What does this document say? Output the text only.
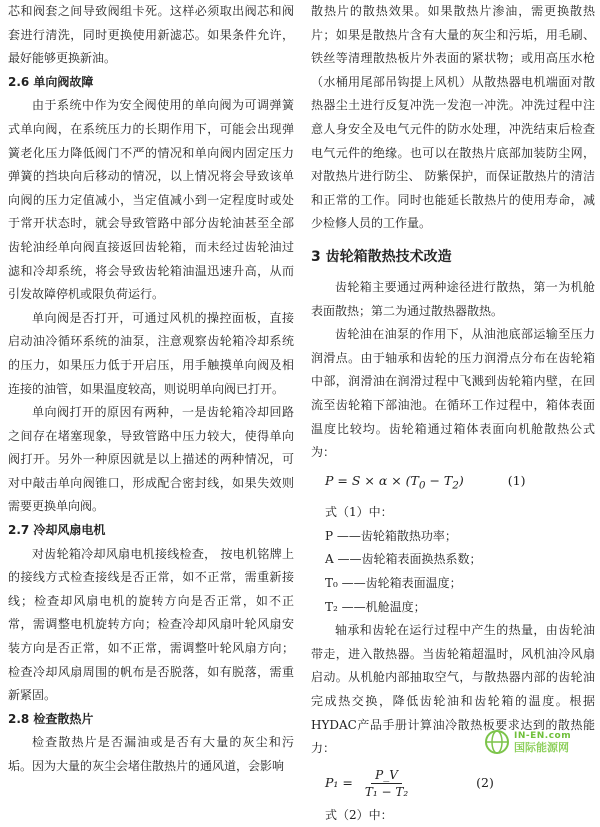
芯和阀套之间导致阀组卡死。这样必须取出阀芯和阀套进行清洗，同时更换使用新滤芯。如果条件允许，最好能够更换新油。

2.6 单向阀故障

由于系统中作为安全阀使用的单向阀为可调弹簧式单向阀，在系统压力的长期作用下，可能会出现弹簧老化压力降低阀门不严的情况和单向阀内固定压力弹簧的挡块向后移动的情况，以上情况将会导致该单向阀的压力定值减小，当定值减小到一定程度时或处于常开状态时，就会导致管路中部分齿轮油甚至全部齿轮油经单向阀直接返回齿轮箱，而未经过齿轮油过滤和冷却系统，将会导致齿轮箱油温迅速升高，从而引发故障停机或限负荷运行。

单向阀是否打开，可通过风机的操控面板，直接启动油冷循环系统的油泵，注意观察齿轮箱冷却系统的压力，如果压力低于开启压，用手触摸单向阀及相连接的油管，如果温度较高，则说明单向阀已打开。

单向阀打开的原因有两种，一是齿轮箱冷却回路之间存在堵塞现象，导致管路中压力较大，使得单向阀打开。另外一种原因就是以上描述的两种情况，可对中敲击单向阀锥口，形成配合密封线，如果失效则需要更换单向阀。

2.7 冷却风扇电机

对齿轮箱冷却风扇电机接线检查， 按电机铭牌上的接线方式检查接线是否正常，如不正常，需重新接线；检查却风扇电机的旋转方向是否正常，如不正常，需调整电机旋转方向；检查冷却风扇叶轮风扇安装方向是否正常，如不正常，需调整叶轮风扇方向；检查冷却风扇周围的帆布是否脱落，如有脱落，需重新紧固。

2.8 检查散热片

检查散热片是否漏油或是否有大量的灰尘和污垢。因为大量的灰尘会堵住散热片的通风道，会影响

散热片的散热效果。如果散热片渗油，需更换散热片；如果是散热片含有大量的灰尘和污垢，用毛刷、铁丝等清理散热板片外表面的紧状物；或用高压水枪（水桶用尾部吊钩提上风机）从散热器电机端面对散热器尘土进行反复冲洗一发泡一冲洗。冲洗过程中注意人身安全及电气元件的防水处理，冲洗结束后检查电气元件的绝缘。也可以在散热片底部加装防尘网，对散热片进行防尘、 防紫保护，而保证散热片的清洁和正常的工作。同时也能延长散热片的使用寿命，减少检修人员的工作量。

3 齿轮箱散热技术改造

齿轮箱主要通过两种途径进行散热，第一为机舱表面散热；第二为通过散热器散热。

齿轮油在油泵的作用下，从油池底部运输至压力润滑点。由于轴承和齿轮的压力润滑点分布在齿轮箱中部，润滑油在润滑过程中飞溅到齿轮箱内壁，在回流至齿轮箱下部油池。在循环工作过程中，箱体表面温度比较均。齿轮箱通过箱体表面向机舱散热公式为：

$P = S \times \alpha \times (T_0 - T_2)$	(1)

式（1）中：

P ——齿轮箱散热功率；

A ——齿轮箱表面换热系数；

T₀ ——齿轮箱表面温度；

T₂ ——机舱温度；

轴承和齿轮在运行过程中产生的热量，由齿轮油带走，进入散热器。当齿轮箱超温时，风机油冷风扇启动。从机舱内部抽取空气，与散热器内部的齿轮油完成热交换，降低齿轮油和齿轮箱的温度。根据HYDAC产品手册计算油冷散热板要求达到的散热能力：

$P_1 = \frac{P\_V}{\text{T₁ − T₂}}$	(2)

式（2）中：

IN-EN.com
国际能源网
